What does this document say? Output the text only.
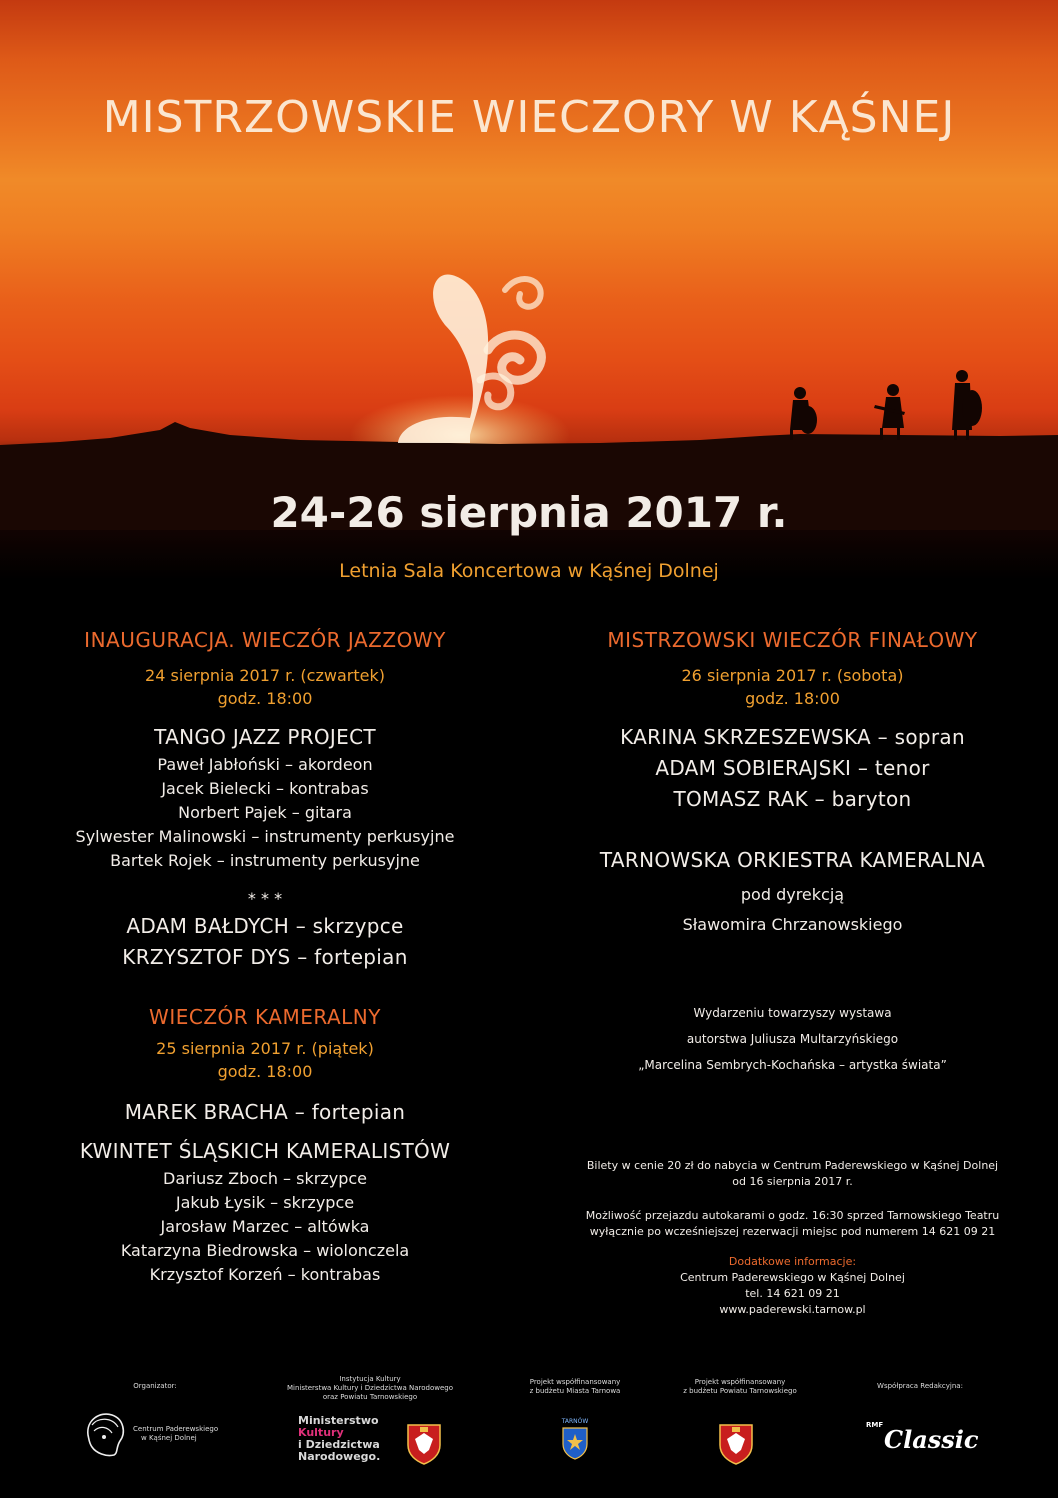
MISTRZOWSKIE WIECZORY W KĄŚNEJ
24-26 sierpnia 2017 r.
Letnia Sala Koncertowa w Kąśnej Dolnej
INAUGURACJA. WIECZÓR JAZZOWY
24 sierpnia 2017 r. (czwartek)
godz. 18:00
TANGO JAZZ PROJECT
Paweł Jabłoński – akordeon
Jacek Bielecki – kontrabas
Norbert Pajek – gitara
Sylwester Malinowski – instrumenty perkusyjne
Bartek Rojek – instrumenty perkusyjne
* * *
ADAM BAŁDYCH – skrzypce
KRZYSZTOF DYS – fortepian
WIECZÓR KAMERALNY
25 sierpnia 2017 r. (piątek)
godz. 18:00
MAREK BRACHA – fortepian
KWINTET ŚLĄSKICH KAMERALISTÓW
Dariusz Zboch – skrzypce
Jakub Łysik – skrzypce
Jarosław Marzec – altówka
Katarzyna Biedrowska – wiolonczela
Krzysztof Korzeń – kontrabas
MISTRZOWSKI WIECZÓR FINAŁOWY
26 sierpnia 2017 r. (sobota)
godz. 18:00
KARINA SKRZESZEWSKA – sopran
ADAM SOBIERAJSKI – tenor
TOMASZ RAK – baryton
TARNOWSKA ORKIESTRA KAMERALNA
pod dyrekcją
Sławomira Chrzanowskiego
Wydarzeniu towarzyszy wystawa
autorstwa Juliusza Multarzyńskiego
„Marcelina Sembrych-Kochańska – artystka świata”
Bilety w cenie 20 zł do nabycia w Centrum Paderewskiego w Kąśnej Dolnej
od 16 sierpnia 2017 r.
Możliwość przejazdu autokarami o godz. 16:30 sprzed Tarnowskiego Teatru
wyłącznie po wcześniejszej rezerwacji miejsc pod numerem 14 621 09 21
Dodatkowe informacje:
Centrum Paderewskiego w Kąśnej Dolnej
tel. 14 621 09 21
www.paderewski.tarnow.pl
Organizator:
Centrum Paderewskiego
w Kąśnej Dolnej
Instytucja Kultury
Ministerstwa Kultury i Dziedzictwa Narodowego
oraz Powiatu Tarnowskiego
Ministerstwo
Kultury
i Dziedzictwa
Narodowego.
Projekt współfinansowany
z budżetu Miasta Tarnowa
TARNÓW
Projekt współfinansowany
z budżetu Powiatu Tarnowskiego
Współpraca Redakcyjna:
RMF Classic
